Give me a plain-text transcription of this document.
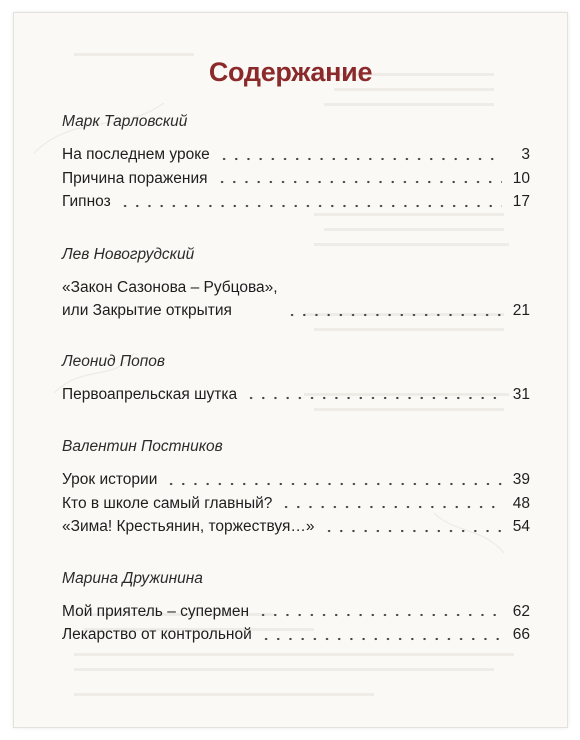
Содержание
Марк Тарловский
На последнем уроке	3
Причина поражения	10
Гипноз	17
Лев Новогрудский
«Закон Сазонова – Рубцова»,
или Закрытие открытия	21
Леонид Попов
Первоапрельская шутка	31
Валентин Постников
Урок истории	39
Кто в школе самый главный?	48
«Зима! Крестьянин, торжествуя…»	54
Марина Дружинина
Мой приятель – супермен	62
Лекарство от контрольной	66
